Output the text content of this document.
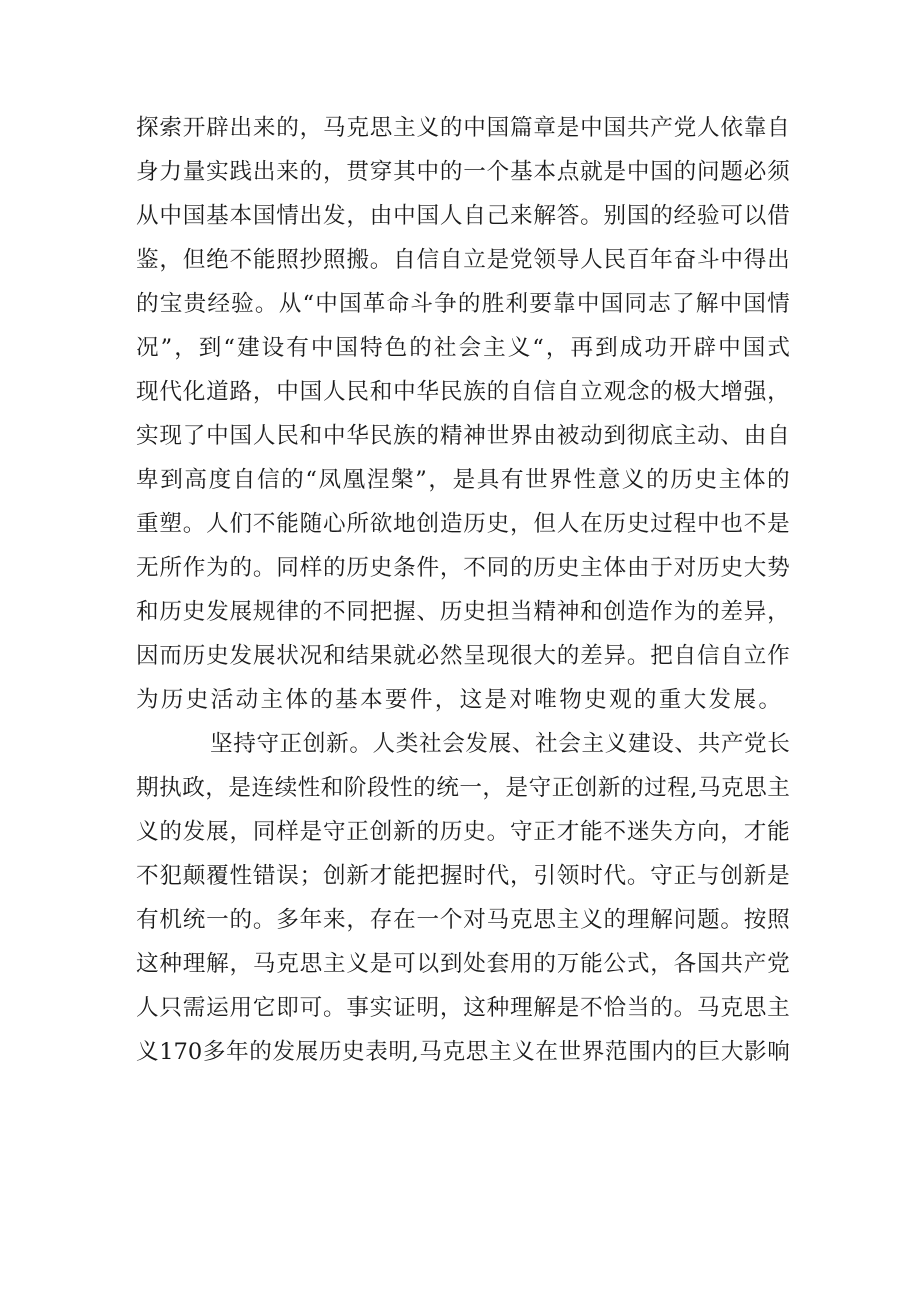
探 索 开 辟 出 来 的 ， 马 克 思 主 义 的 中 国 篇 章 是 中 国 共 产 党 人 依 靠 自
身 力 量 实 践 出 来 的 ， 贯 穿 其 中 的 一 个 基 本 点 就 是 中 国 的 问 题 必 须
从 中 国 基 本 国 情 出 发 ， 由 中 国 人 自 己 来 解 答 。 别 国 的 经 验 可 以 借
鉴 ， 但 绝 不 能 照 抄 照 搬 。 自 信 自 立 是 党 领 导 人 民 百 年 奋 斗 中 得 出
的 宝 贵 经 验 。 从 “ 中 国 革 命 斗 争 的 胜 利 要 靠 中 国 同 志 了 解 中 国 情
况 ” ， 到 “ 建 设 有 中 国 特 色 的 社 会 主 义 “ ， 再 到 成 功 开 辟 中 国 式
现 代 化 道 路 ， 中 国 人 民 和 中 华 民 族 的 自 信 自 立 观 念 的 极 大 增 强 ，
实 现 了 中 国 人 民 和 中 华 民 族 的 精 神 世 界 由 被 动 到 彻 底 主 动 、 由 自
卑 到 高 度 自 信 的 “ 凤 凰 涅 槃 ” ， 是 具 有 世 界 性 意 义 的 历 史 主 体 的
重 塑 。 人 们 不 能 随 心 所 欲 地 创 造 历 史 ， 但 人 在 历 史 过 程 中 也 不 是
无 所 作 为 的 。 同 样 的 历 史 条 件 ， 不 同 的 历 史 主 体 由 于 对 历 史 大 势
和 历 史 发 展 规 律 的 不 同 把 握 、 历 史 担 当 精 神 和 创 造 作 为 的 差 异 ，
因 而 历 史 发 展 状 况 和 结 果 就 必 然 呈 现 很 大 的 差 异 。 把 自 信 自 立 作
为历史活动主体的基本要件，这是对唯物史观的重大发展。
坚 持 守 正 创 新 。 人 类 社 会 发 展 、 社 会 主 义 建 设 、 共 产 党 长
期 执 政 ， 是 连 续 性 和 阶 段 性 的 统 一 ， 是 守 正 创 新 的 过 程 , 马 克 思 主
义 的 发 展 ， 同 样 是 守 正 创 新 的 历 史 。 守 正 才 能 不 迷 失 方 向 ， 才 能
不 犯 颠 覆 性 错 误 ； 创 新 才 能 把 握 时 代 ， 引 领 时 代 。 守 正 与 创 新 是
有 机 统 一 的 。 多 年 来 ， 存 在 一 个 对 马 克 思 主 义 的 理 解 问 题 。 按 照
这 种 理 解 ， 马 克 思 主 义 是 可 以 到 处 套 用 的 万 能 公 式 ， 各 国 共 产 党
人 只 需 运 用 它 即 可 。 事 实 证 明 ， 这 种 理 解 是 不 恰 当 的 。 马 克 思 主
义 170 多 年 的 发 展 历 史 表 明 , 马 克 思 主 义 在 世 界 范 围 内 的 巨 大 影 响
